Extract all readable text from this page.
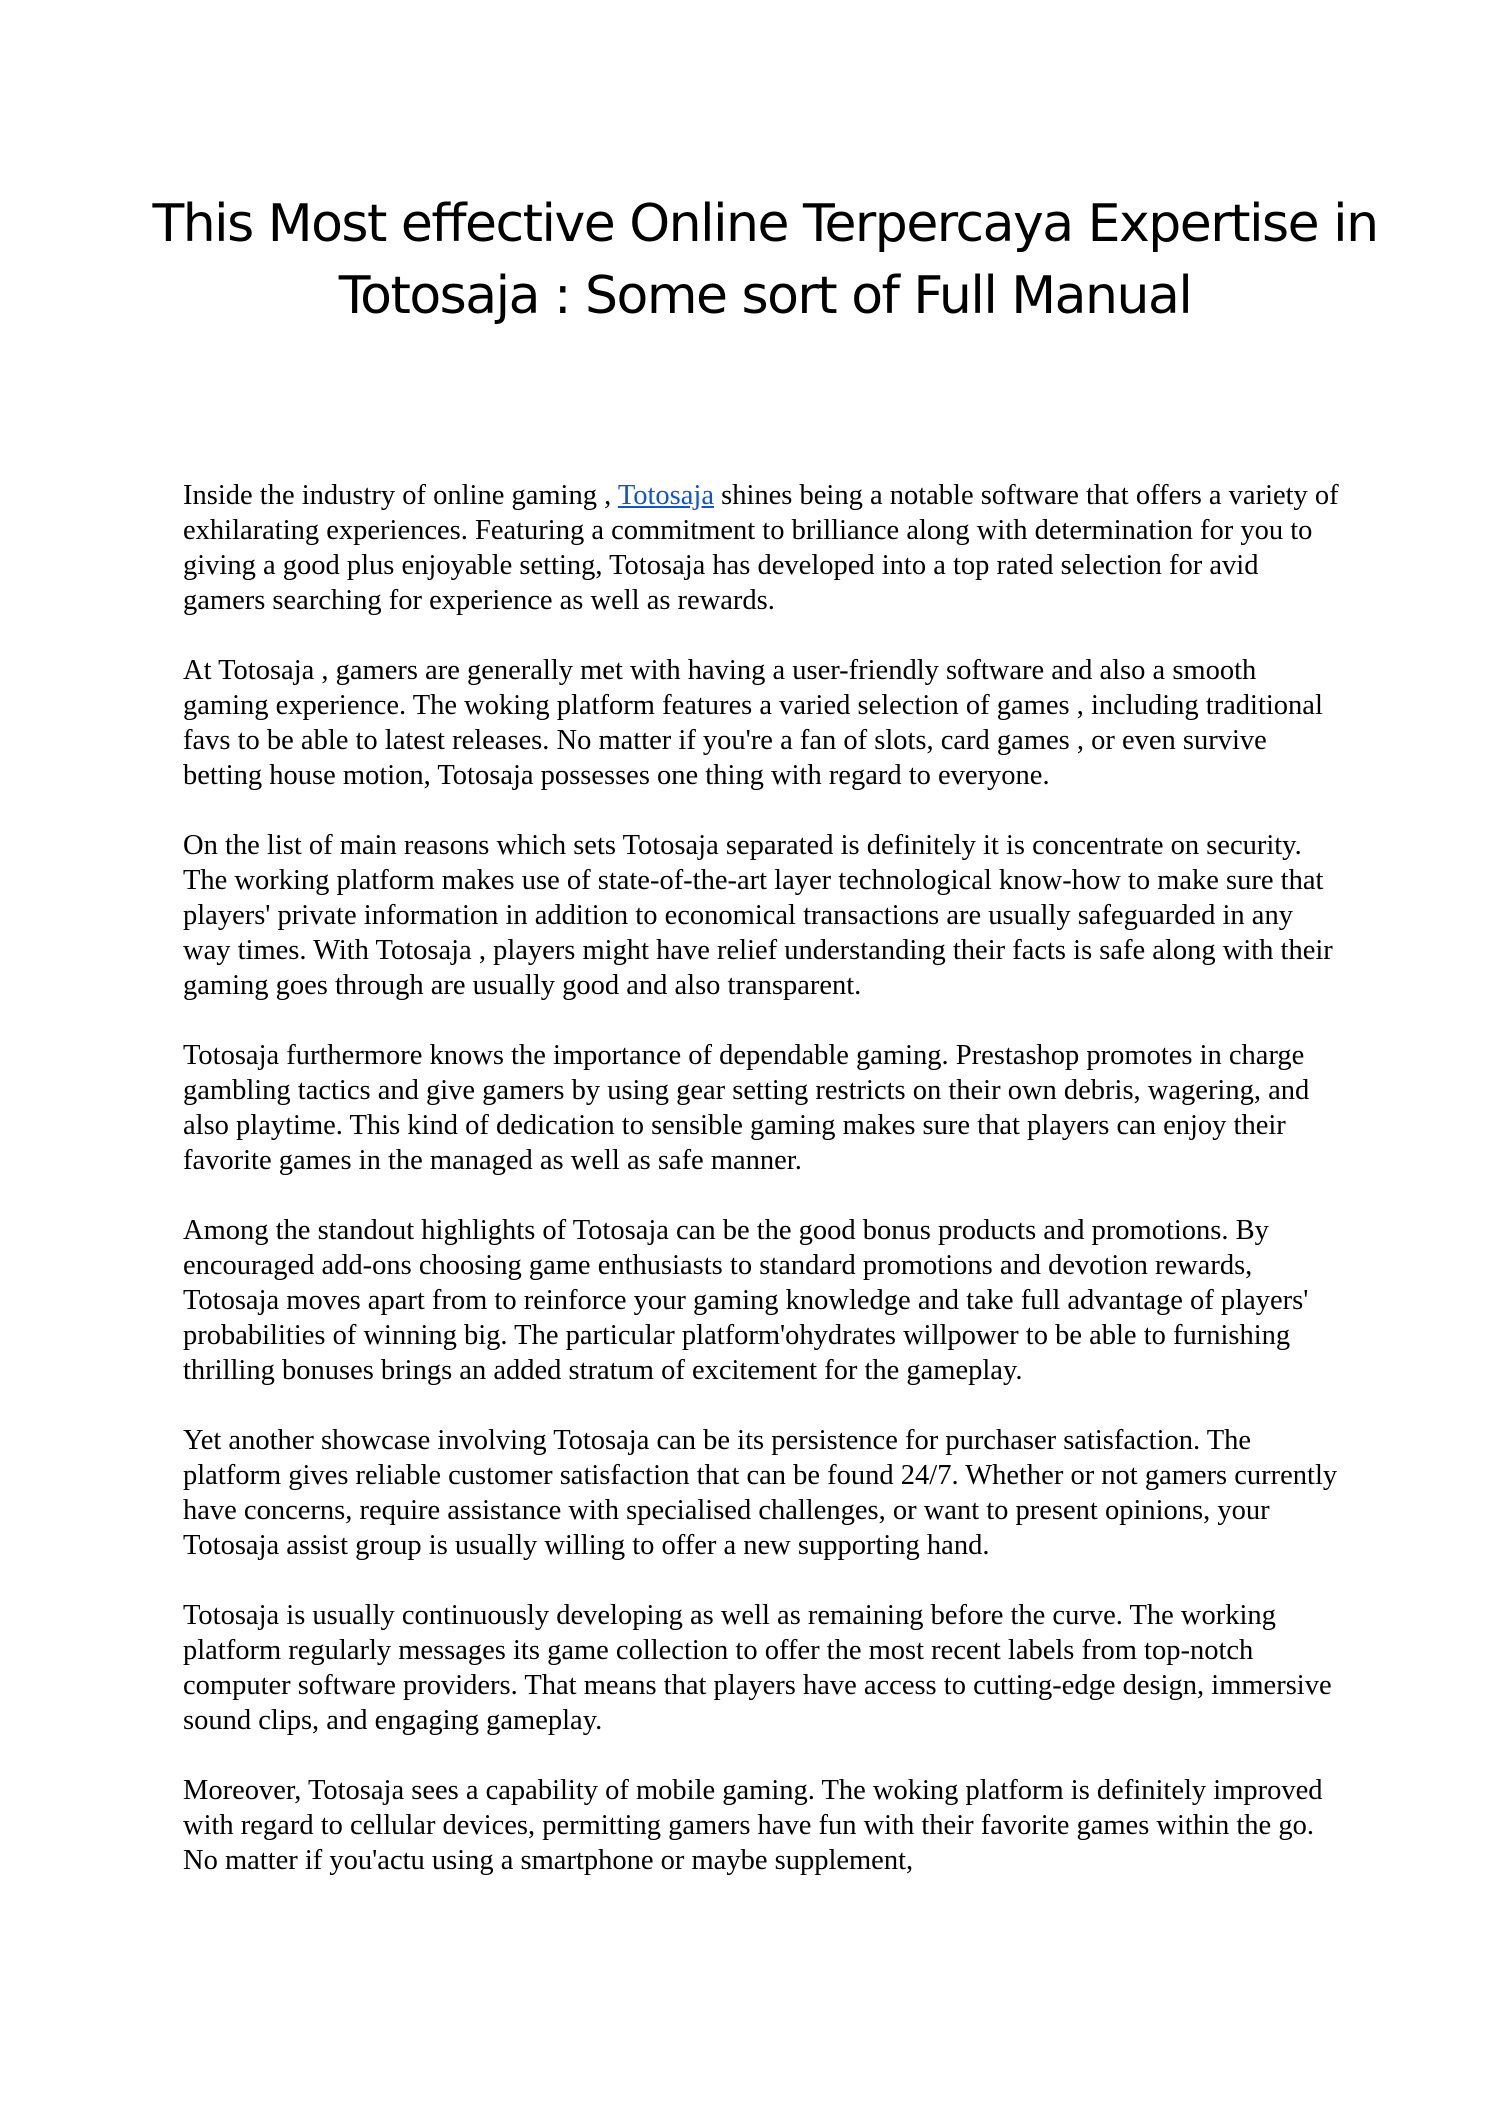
This Most effective Online Terpercaya Expertise in Totosaja : Some sort of Full Manual

Inside the industry of online gaming , Totosaja shines being a notable software that offers a variety of exhilarating experiences. Featuring a commitment to brilliance along with determination for you to giving a good plus enjoyable setting, Totosaja has developed into a top rated selection for avid gamers searching for experience as well as rewards.

At Totosaja , gamers are generally met with having a user-friendly software and also a smooth gaming experience. The woking platform features a varied selection of games , including traditional favs to be able to latest releases. No matter if you're a fan of slots, card games , or even survive betting house motion, Totosaja possesses one thing with regard to everyone.

On the list of main reasons which sets Totosaja separated is definitely it is concentrate on security. The working platform makes use of state-of-the-art layer technological know-how to make sure that players' private information in addition to economical transactions are usually safeguarded in any way times. With Totosaja , players might have relief understanding their facts is safe along with their gaming goes through are usually good and also transparent.

Totosaja furthermore knows the importance of dependable gaming. Prestashop promotes in charge gambling tactics and give gamers by using gear setting restricts on their own debris, wagering, and also playtime. This kind of dedication to sensible gaming makes sure that players can enjoy their favorite games in the managed as well as safe manner.

Among the standout highlights of Totosaja can be the good bonus products and promotions. By encouraged add-ons choosing game enthusiasts to standard promotions and devotion rewards, Totosaja moves apart from to reinforce your gaming knowledge and take full advantage of players' probabilities of winning big. The particular platform'ohydrates willpower to be able to furnishing thrilling bonuses brings an added stratum of excitement for the gameplay.

Yet another showcase involving Totosaja can be its persistence for purchaser satisfaction. The platform gives reliable customer satisfaction that can be found 24/7. Whether or not gamers currently have concerns, require assistance with specialised challenges, or want to present opinions, your Totosaja assist group is usually willing to offer a new supporting hand.

Totosaja is usually continuously developing as well as remaining before the curve. The working platform regularly messages its game collection to offer the most recent labels from top-notch computer software providers. That means that players have access to cutting-edge design, immersive sound clips, and engaging gameplay.

Moreover, Totosaja sees a capability of mobile gaming. The woking platform is definitely improved with regard to cellular devices, permitting gamers have fun with their favorite games within the go. No matter if you'actu using a smartphone or maybe supplement,
